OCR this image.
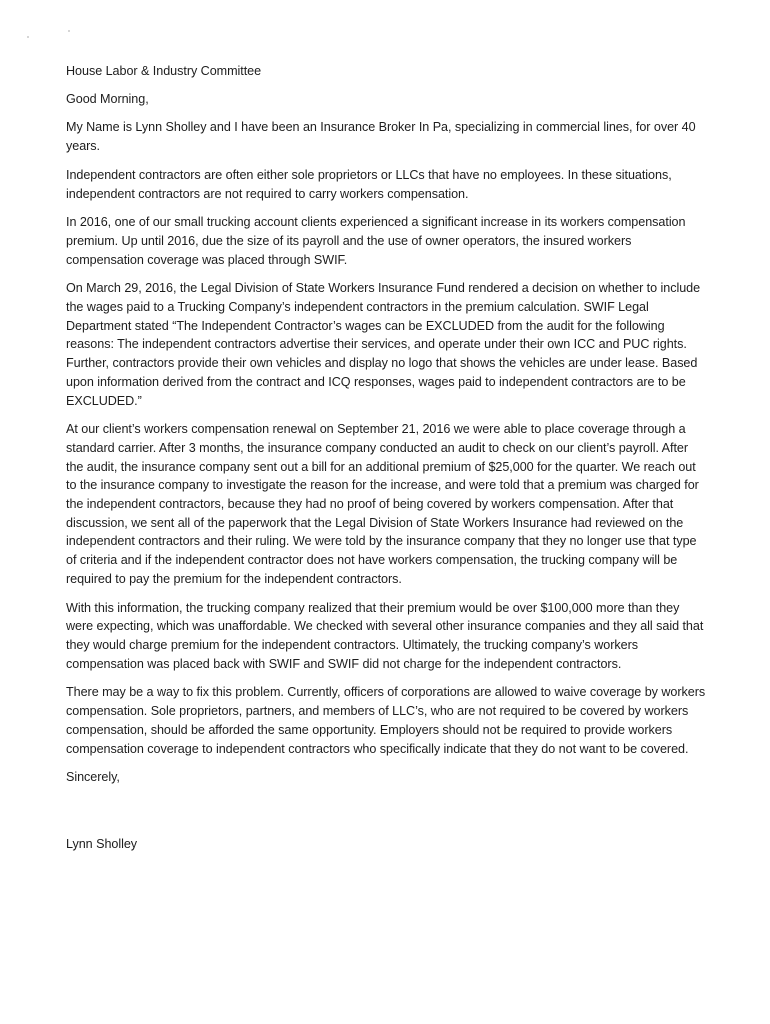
House Labor & Industry Committee

Good Morning,

My Name is Lynn Sholley and I have been an Insurance Broker In Pa, specializing in commercial lines, for over 40 years.

Independent contractors are often either sole proprietors or LLCs that have no employees. In these situations, independent contractors are not required to carry workers compensation.

In 2016, one of our small trucking account clients experienced a significant increase in its workers compensation premium. Up until 2016, due the size of its payroll and the use of owner operators, the insured workers compensation coverage was placed through SWIF.

On March 29, 2016, the Legal Division of State Workers Insurance Fund rendered a decision on whether to include the wages paid to a Trucking Company’s independent contractors in the premium calculation. SWIF Legal Department stated “The Independent Contractor’s wages can be EXCLUDED from the audit for the following reasons: The independent contractors advertise their services, and operate under their own ICC and PUC rights. Further, contractors provide their own vehicles and display no logo that shows the vehicles are under lease. Based upon information derived from the contract and ICQ responses, wages paid to independent contractors are to be EXCLUDED.”

At our client’s workers compensation renewal on September 21, 2016 we were able to place coverage through a standard carrier. After 3 months, the insurance company conducted an audit to check on our client’s payroll. After the audit, the insurance company sent out a bill for an additional premium of $25,000 for the quarter. We reach out to the insurance company to investigate the reason for the increase, and were told that a premium was charged for the independent contractors, because they had no proof of being covered by workers compensation. After that discussion, we sent all of the paperwork that the Legal Division of State Workers Insurance had reviewed on the independent contractors and their ruling. We were told by the insurance company that they no longer use that type of criteria and if the independent contractor does not have workers compensation, the trucking company will be required to pay the premium for the independent contractors.

With this information, the trucking company realized that their premium would be over $100,000 more than they were expecting, which was unaffordable. We checked with several other insurance companies and they all said that they would charge premium for the independent contractors. Ultimately, the trucking company’s workers compensation was placed back with SWIF and SWIF did not charge for the independent contractors.

There may be a way to fix this problem. Currently, officers of corporations are allowed to waive coverage by workers compensation. Sole proprietors, partners, and members of LLC’s, who are not required to be covered by workers compensation, should be afforded the same opportunity. Employers should not be required to provide workers compensation coverage to independent contractors who specifically indicate that they do not want to be covered.

Sincerely,

Lynn Sholley
